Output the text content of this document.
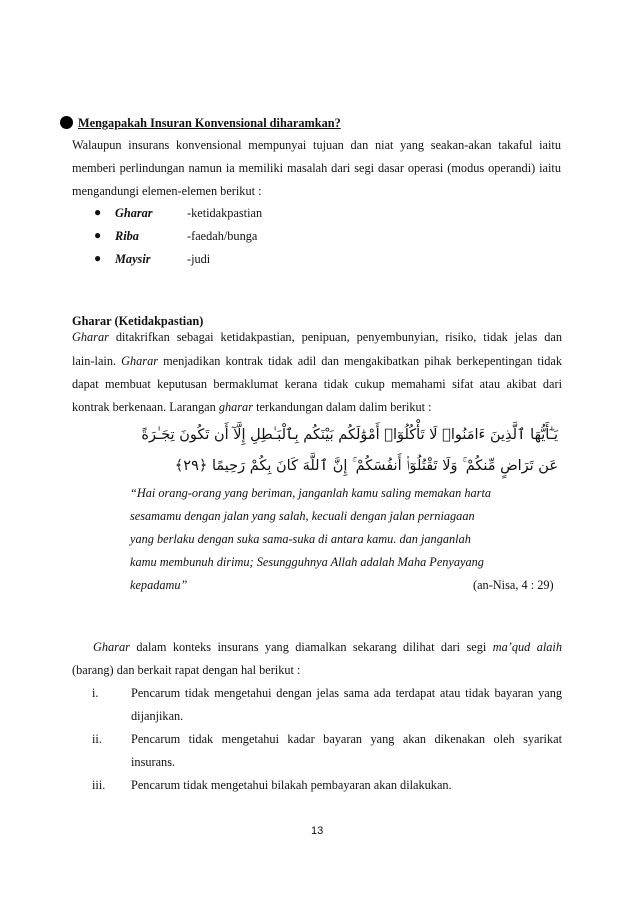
Mengapakah Insuran Konvensional diharamkan?
Walaupun insurans konvensional mempunyai tujuan dan niat yang seakan-akan takaful iaitu
memberi perlindungan namun ia memiliki masalah dari segi dasar operasi (modus operandi) iaitu
mengandungi elemen-elemen berikut :
● Gharar	-ketidakpastian
● Riba	-faedah/bunga
● Maysir	-judi
Gharar (Ketidakpastian)
Gharar ditakrifkan sebagai ketidakpastian, penipuan, penyembunyian, risiko, tidak jelas dan
lain-lain. Gharar menjadikan kontrak tidak adil dan mengakibatkan pihak berkepentingan tidak
dapat membuat keputusan bermaklumat kerana tidak cukup memahami sifat atau akibat dari
kontrak berkenaan. Larangan gharar terkandungan dalam dalim berikut :
يَـٰٓأَيُّهَا ٱلَّذِينَ ءَامَنُوا۟ لَا تَأْكُلُوٓا۟ أَمْوَٰلَكُم بَيْنَكُم بِٱلْبَـٰطِلِ إِلَّآ أَن تَكُونَ تِجَـٰرَةً
عَن تَرَاضٍ مِّنكُمْ ۚ وَلَا تَقْتُلُوٓا۟ أَنفُسَكُمْ ۚ إِنَّ ٱللَّهَ كَانَ بِكُمْ رَحِيمًا ﴿٢٩﴾
“Hai orang-orang yang beriman, janganlah kamu saling memakan harta
sesamamu dengan jalan yang salah, kecuali dengan jalan perniagaan
yang berlaku dengan suka sama-suka di antara kamu. dan janganlah
kamu membunuh dirimu; Sesungguhnya Allah adalah Maha Penyayang
kepadamu”	(an-Nisa, 4 : 29)
Gharar dalam konteks insurans yang diamalkan sekarang dilihat dari segi ma’qud alaih
(barang) dan berkait rapat dengan hal berikut :
i.	Pencarum tidak mengetahui dengan jelas sama ada terdapat atau tidak bayaran yang
dijanjikan.
ii. Pencarum tidak mengetahui kadar bayaran yang akan dikenakan oleh syarikat
insurans.
iii. Pencarum tidak mengetahui bilakah pembayaran akan dilakukan.
13
